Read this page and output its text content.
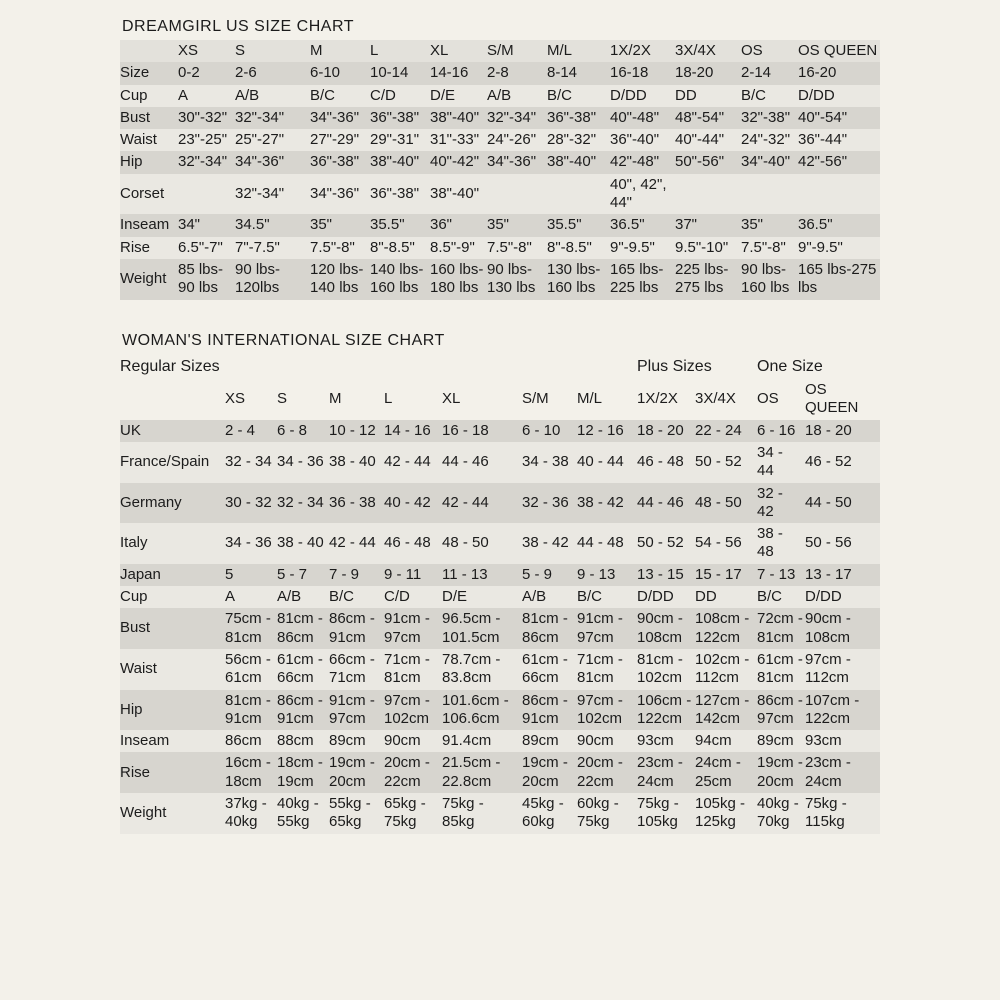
DREAMGIRL US SIZE CHART
	XS	S	M	L	XL	S/M	M/L	1X/2X	3X/4X	OS	OS QUEEN
Size	0-2	2-6	6-10	10-14	14-16	2-8	8-14	16-18	18-20	2-14	16-20
Cup	A	A/B	B/C	C/D	D/E	A/B	B/C	D/DD	DD	B/C	D/DD
Bust	30"-32"	32"-34"	34"-36"	36"-38"	38"-40"	32"-34"	36"-38"	40"-48"	48"-54"	32"-38"	40"-54"
Waist	23"-25"	25"-27"	27"-29"	29"-31"	31"-33"	24"-26"	28"-32"	36"-40"	40"-44"	24"-32"	36"-44"
Hip	32"-34"	34"-36"	36"-38"	38"-40"	40"-42"	34"-36"	38"-40"	42"-48"	50"-56"	34"-40"	42"-56"
Corset		32"-34"	34"-36"	36"-38"	38"-40"			40", 42", 44"			
Inseam	34"	34.5"	35"	35.5"	36"	35"	35.5"	36.5"	37"	35"	36.5"
Rise	6.5"-7"	7"-7.5"	7.5"-8"	8"-8.5"	8.5"-9"	7.5"-8"	8"-8.5"	9"-9.5"	9.5"-10"	7.5"-8"	9"-9.5"
Weight	85 lbs-90 lbs	90 lbs-120lbs	120 lbs-140 lbs	140 lbs-160 lbs	160 lbs-180 lbs	90 lbs-130 lbs	130 lbs-160 lbs	165 lbs-225 lbs	225 lbs-275 lbs	90 lbs-160 lbs	165 lbs-275 lbs
WOMAN'S INTERNATIONAL SIZE CHART
Regular Sizes								Plus Sizes		One Size	
	XS	S	M	L	XL	S/M	M/L	1X/2X	3X/4X	OS	OS QUEEN
UK	2 - 4	6 - 8	10 - 12	14 - 16	16 - 18	6 - 10	12 - 16	18 - 20	22 - 24	6 - 16	18 - 20
France/Spain	32 - 34	34 - 36	38 - 40	42 - 44	44 - 46	34 - 38	40 - 44	46 - 48	50 - 52	34 - 44	46 - 52
Germany	30 - 32	32 - 34	36 - 38	40 - 42	42 - 44	32 - 36	38 - 42	44 - 46	48 - 50	32 - 42	44 - 50
Italy	34 - 36	38 - 40	42 - 44	46 - 48	48 - 50	38 - 42	44 - 48	50 - 52	54 - 56	38 - 48	50 - 56
Japan	5	5 - 7	7 - 9	9 - 11	11 - 13	5 - 9	9 - 13	13 - 15	15 - 17	7 - 13	13 - 17
Cup	A	A/B	B/C	C/D	D/E	A/B	B/C	D/DD	DD	B/C	D/DD
Bust	75cm - 81cm	81cm - 86cm	86cm - 91cm	91cm - 97cm	96.5cm - 101.5cm	81cm - 86cm	91cm - 97cm	90cm - 108cm	108cm - 122cm	72cm - 81cm	90cm - 108cm
Waist	56cm - 61cm	61cm - 66cm	66cm - 71cm	71cm - 81cm	78.7cm - 83.8cm	61cm - 66cm	71cm - 81cm	81cm - 102cm	102cm - 112cm	61cm - 81cm	97cm - 112cm
Hip	81cm - 91cm	86cm - 91cm	91cm - 97cm	97cm - 102cm	101.6cm - 106.6cm	86cm - 91cm	97cm - 102cm	106cm - 122cm	127cm - 142cm	86cm - 97cm	107cm - 122cm
Inseam	86cm	88cm	89cm	90cm	91.4cm	89cm	90cm	93cm	94cm	89cm	93cm
Rise	16cm - 18cm	18cm - 19cm	19cm - 20cm	20cm - 22cm	21.5cm - 22.8cm	19cm - 20cm	20cm - 22cm	23cm - 24cm	24cm - 25cm	19cm - 20cm	23cm - 24cm
Weight	37kg - 40kg	40kg - 55kg	55kg - 65kg	65kg - 75kg	75kg - 85kg	45kg - 60kg	60kg - 75kg	75kg - 105kg	105kg - 125kg	40kg - 70kg	75kg - 115kg
